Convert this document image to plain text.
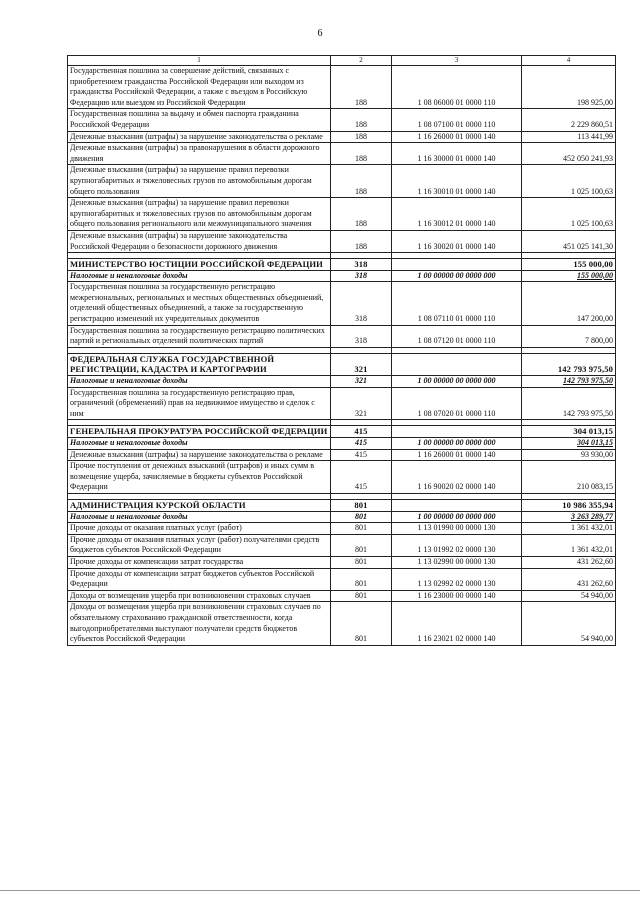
6
1	2	3	4
Государственная пошлина за совершение действий, связанных с приобретением гражданства Российской Федерации или выходом из гражданства Российской Федерации, а также с въездом в Российскую Федерацию или выездом из Российской Федерации	188	1 08 06000 01 0000 110	198 925,00
Государственная пошлина за выдачу и обмен паспорта гражданина Российской Федерации	188	1 08 07100 01 0000 110	2 229 860,51
Денежные взыскания (штрафы) за нарушение законодательства о рекламе	188	1 16 26000 01 0000 140	113 441,99
Денежные взыскания (штрафы) за правонарушения в области дорожного движения	188	1 16 30000 01 0000 140	452 050 241,93
Денежные взыскания (штрафы) за нарушение правил перевозки крупногабаритных и тяжеловесных грузов по автомобильным дорогам общего пользования	188	1 16 30010 01 0000 140	1 025 100,63
Денежные взыскания (штрафы) за нарушение правил перевозки крупногабаритных и тяжеловесных грузов по автомобильным дорогам общего пользования регионального или межмуниципального значения	188	1 16 30012 01 0000 140	1 025 100,63
Денежные взыскания (штрафы) за нарушение законодательства Российской Федерации о безопасности дорожного движения	188	1 16 30020 01 0000 140	451 025 141,30

МИНИСТЕРСТВО ЮСТИЦИИ РОССИЙСКОЙ ФЕДЕРАЦИИ	318		155 000,00
Налоговые и неналоговые доходы	318	1 00 00000 00 0000 000	155 000,00
Государственная пошлина за государственную регистрацию межрегиональных, региональных и местных общественных объединений, отделений общественных объединений, а также за государственную регистрацию изменений их учредительных документов	318	1 08 07110 01 0000 110	147 200,00
Государственная пошлина за государственную регистрацию политических партий и региональных отделений политических партий	318	1 08 07120 01 0000 110	7 800,00

ФЕДЕРАЛЬНАЯ СЛУЖБА ГОСУДАРСТВЕННОЙ РЕГИСТРАЦИИ, КАДАСТРА И КАРТОГРАФИИ	321		142 793 975,50
Налоговые и неналоговые доходы	321	1 00 00000 00 0000 000	142 793 975,50
Государственная пошлина за государственную регистрацию прав, ограничений (обременений) прав на недвижимое имущество и сделок с ним	321	1 08 07020 01 0000 110	142 793 975,50

ГЕНЕРАЛЬНАЯ ПРОКУРАТУРА РОССИЙСКОЙ ФЕДЕРАЦИИ	415		304 013,15
Налоговые и неналоговые доходы	415	1 00 00000 00 0000 000	304 013,15
Денежные взыскания (штрафы) за нарушение законодательства о рекламе	415	1 16 26000 01 0000 140	93 930,00
Прочие поступления от денежных взысканий (штрафов) и иных сумм в возмещение ущерба, зачисляемые в бюджеты субъектов Российской Федерации	415	1 16 90020 02 0000 140	210 083,15

АДМИНИСТРАЦИЯ КУРСКОЙ ОБЛАСТИ	801		10 986 355,94
Налоговые и неналоговые доходы	801	1 00 00000 00 0000 000	3 263 289,77
Прочие доходы от оказания платных услуг (работ)	801	1 13 01990 00 0000 130	1 361 432,01
Прочие доходы от оказания платных услуг (работ) получателями средств бюджетов субъектов Российской Федерации	801	1 13 01992 02 0000 130	1 361 432,01
Прочие доходы от компенсации затрат государства	801	1 13 02990 00 0000 130	431 262,60
Прочие доходы от компенсации затрат бюджетов субъектов Российской Федерации	801	1 13 02992 02 0000 130	431 262,60
Доходы от возмещения ущерба при возникновении страховых случаев	801	1 16 23000 00 0000 140	54 940,00
Доходы от возмещения ущерба при возникновении страховых случаев по обязательному страхованию гражданской ответственности, когда выгодоприобретателями выступают получатели средств бюджетов субъектов Российской Федерации	801	1 16 23021 02 0000 140	54 940,00
